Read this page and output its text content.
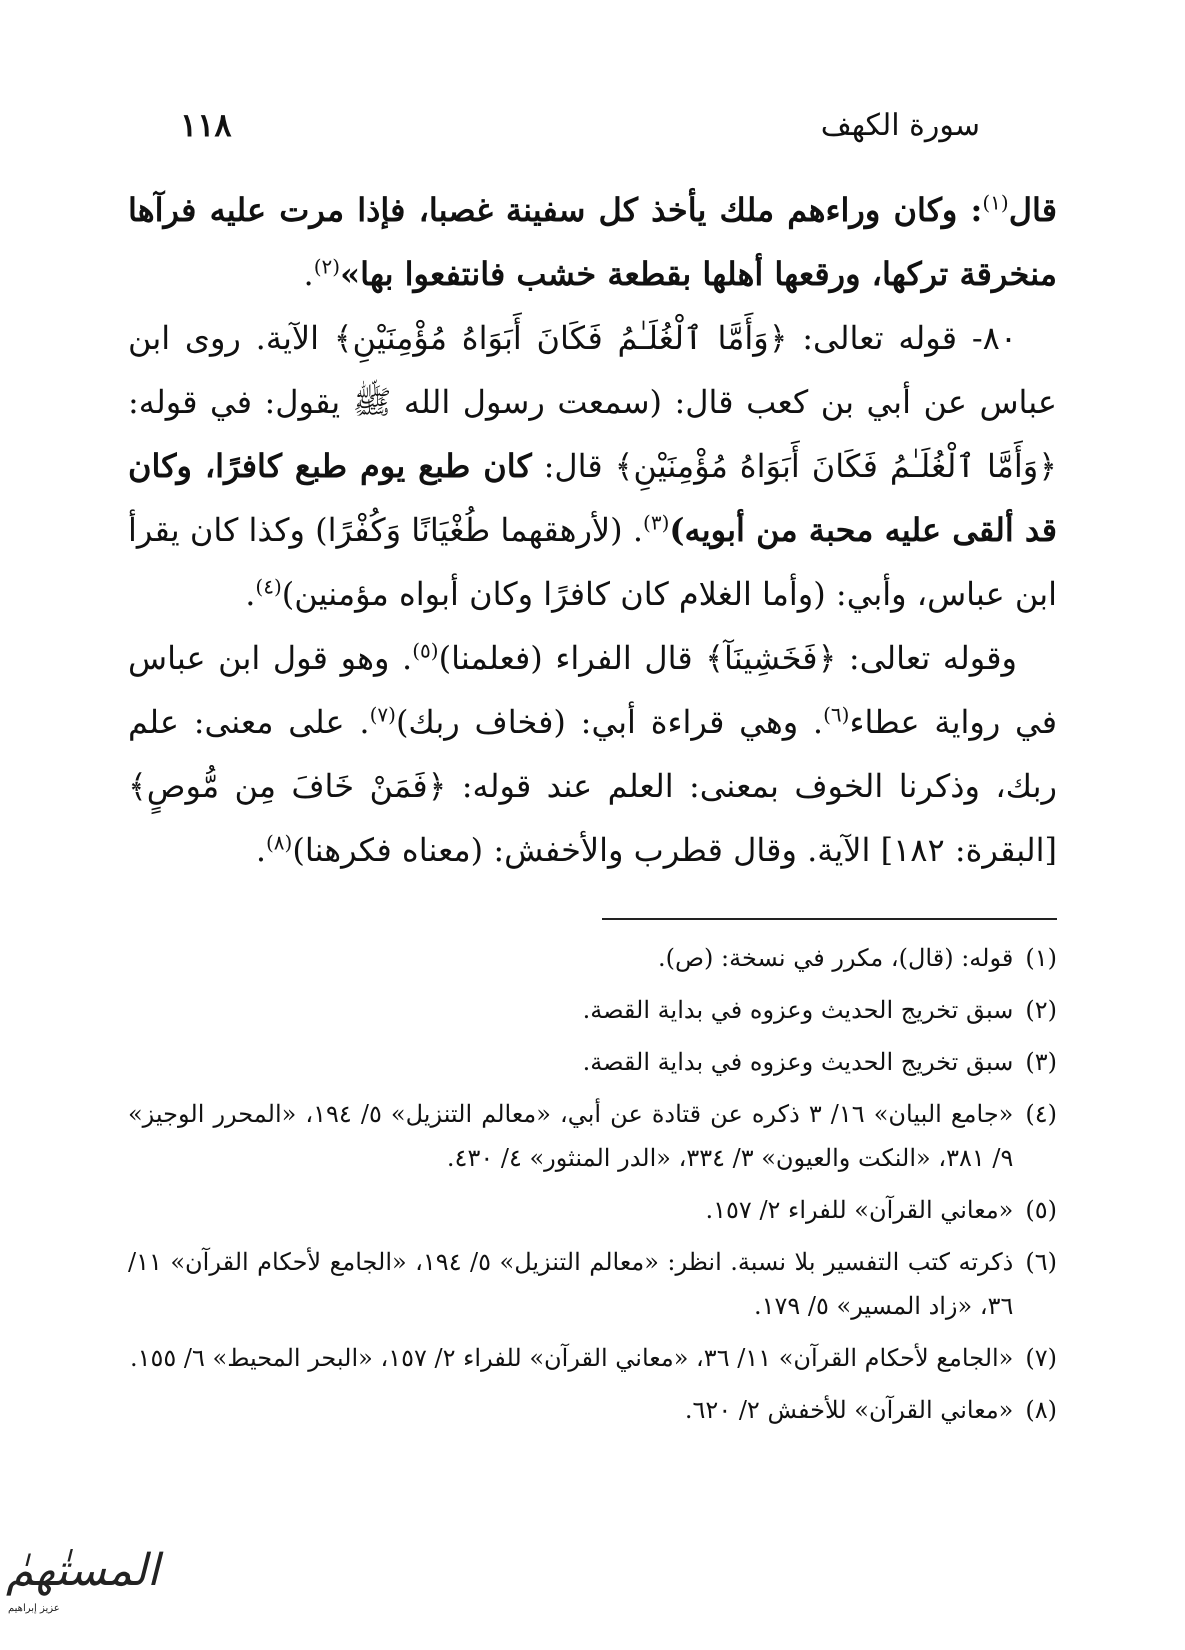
سورة الكهف
١١٨

قال$^{(١)}$: وكان وراءهم ملك يأخذ كل سفينة غصبا، فإذا مرت عليه فرآها منخرقة تركها، ورقعها أهلها بقطعة خشب فانتفعوا بها»$^{(٢)}$.

٨٠- قوله تعالى: ﴿وَأَمَّا ٱلْغُلَـٰمُ فَكَانَ أَبَوَاهُ مُؤْمِنَيْنِ﴾ الآية. روى ابن عباس عن أبي بن كعب قال: (سمعت رسول الله ﷺ يقول: في قوله: ﴿وَأَمَّا ٱلْغُلَـٰمُ فَكَانَ أَبَوَاهُ مُؤْمِنَيْنِ﴾ قال: كان طبع يوم طبع كافرًا، وكان قد ألقى عليه محبة من أبويه)$^{(٣)}$. (لأرهقهما طُغْيَانًا وَكُفْرًا) وكذا كان يقرأ ابن عباس، وأبي: (وأما الغلام كان كافرًا وكان أبواه مؤمنين)$^{(٤)}$.

وقوله تعالى: ﴿فَخَشِينَآ﴾ قال الفراء (فعلمنا)$^{(٥)}$. وهو قول ابن عباس في رواية عطاء$^{(٦)}$. وهي قراءة أبي: (فخاف ربك)$^{(٧)}$. على معنى: علم ربك، وذكرنا الخوف بمعنى: العلم عند قوله: ﴿فَمَنْ خَافَ مِن مُّوصٍ﴾ [البقرة: ١٨٢] الآية. وقال قطرب والأخفش: (معناه فكرهنا)$^{(٨)}$.

(١)
قوله: (قال)، مكرر في نسخة: (ص).
(٢)
سبق تخريج الحديث وعزوه في بداية القصة.
(٣)
سبق تخريج الحديث وعزوه في بداية القصة.
(٤)
«جامع البيان» ١٦/ ٣ ذكره عن قتادة عن أبي، «معالم التنزيل» ٥/ ١٩٤، «المحرر الوجيز» ٩/ ٣٨١، «النكت والعيون» ٣/ ٣٣٤، «الدر المنثور» ٤/ ٤٣٠.
(٥)
«معاني القرآن» للفراء ٢/ ١٥٧.
(٦)
ذكرته كتب التفسير بلا نسبة. انظر: «معالم التنزيل» ٥/ ١٩٤، «الجامع لأحكام القرآن» ١١/ ٣٦، «زاد المسير» ٥/ ١٧٩.
(٧)
«الجامع لأحكام القرآن» ١١/ ٣٦، «معاني القرآن» للفراء ٢/ ١٥٧، «البحر المحيط» ٦/ ١٥٥.
(٨)
«معاني القرآن» للأخفش ٢/ ٦٢٠.
المستٰهمٰ
عزيز إبراهيم
